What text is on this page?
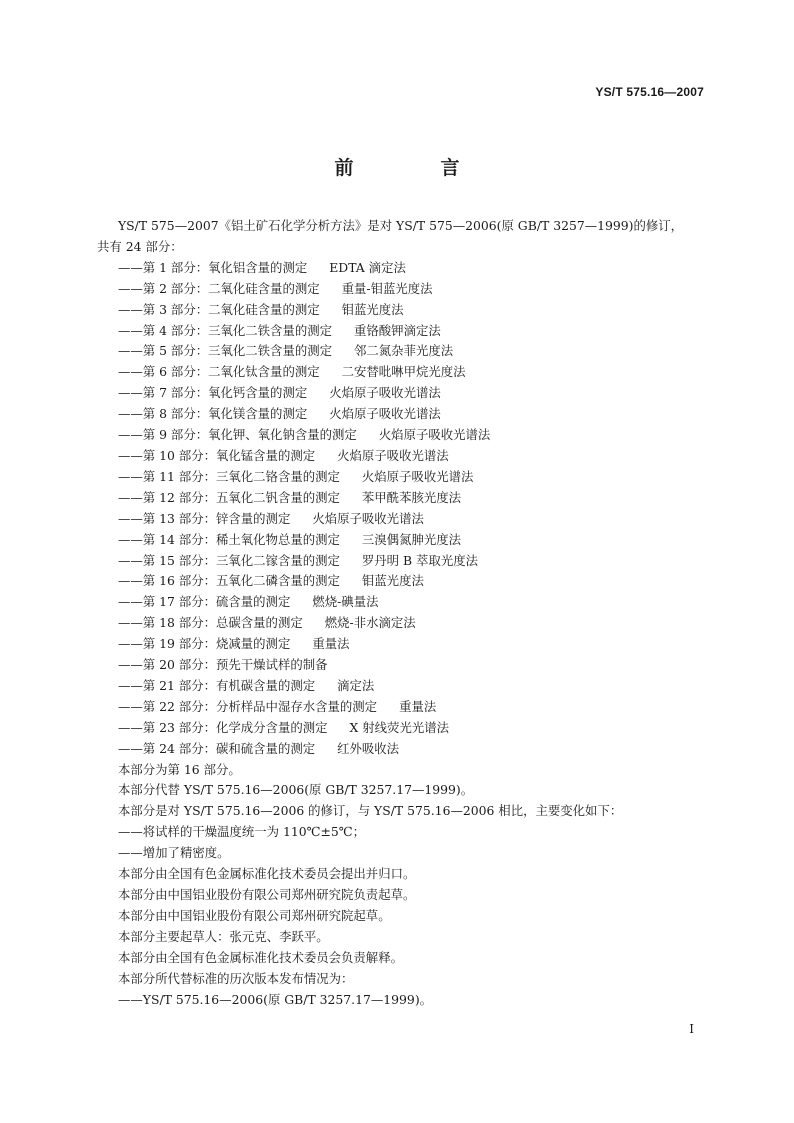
YS/T 575.16—2007
前　言
YS/T 575—2007《铝土矿石化学分析方法》是对 YS/T 575—2006(原 GB/T 3257—1999)的修订，
共有 24 部分：
——第 1 部分：氧化铝含量的测定 EDTA 滴定法
——第 2 部分：二氧化硅含量的测定 重量-钼蓝光度法
——第 3 部分：二氧化硅含量的测定 钼蓝光度法
——第 4 部分：三氧化二铁含量的测定 重铬酸钾滴定法
——第 5 部分：三氧化二铁含量的测定 邻二氮杂菲光度法
——第 6 部分：二氧化钛含量的测定 二安替吡啉甲烷光度法
——第 7 部分：氧化钙含量的测定 火焰原子吸收光谱法
——第 8 部分：氧化镁含量的测定 火焰原子吸收光谱法
——第 9 部分：氧化钾、氧化钠含量的测定 火焰原子吸收光谱法
——第 10 部分：氧化锰含量的测定 火焰原子吸收光谱法
——第 11 部分：三氧化二铬含量的测定 火焰原子吸收光谱法
——第 12 部分：五氧化二钒含量的测定 苯甲酰苯胲光度法
——第 13 部分：锌含量的测定 火焰原子吸收光谱法
——第 14 部分：稀土氧化物总量的测定 三溴偶氮胂光度法
——第 15 部分：三氧化二镓含量的测定 罗丹明 B 萃取光度法
——第 16 部分：五氧化二磷含量的测定 钼蓝光度法
——第 17 部分：硫含量的测定 燃烧-碘量法
——第 18 部分：总碳含量的测定 燃烧-非水滴定法
——第 19 部分：烧减量的测定 重量法
——第 20 部分：预先干燥试样的制备
——第 21 部分：有机碳含量的测定 滴定法
——第 22 部分：分析样品中湿存水含量的测定 重量法
——第 23 部分：化学成分含量的测定 X 射线荧光光谱法
——第 24 部分：碳和硫含量的测定 红外吸收法
本部分为第 16 部分。
本部分代替 YS/T 575.16—2006(原 GB/T 3257.17—1999)。
本部分是对 YS/T 575.16—2006 的修订，与 YS/T 575.16—2006 相比，主要变化如下：
——将试样的干燥温度统一为 110℃±5℃；
——增加了精密度。
本部分由全国有色金属标准化技术委员会提出并归口。
本部分由中国铝业股份有限公司郑州研究院负责起草。
本部分由中国铝业股份有限公司郑州研究院起草。
本部分主要起草人：张元克、李跃平。
本部分由全国有色金属标准化技术委员会负责解释。
本部分所代替标准的历次版本发布情况为：
——YS/T 575.16—2006(原 GB/T 3257.17—1999)。
I
